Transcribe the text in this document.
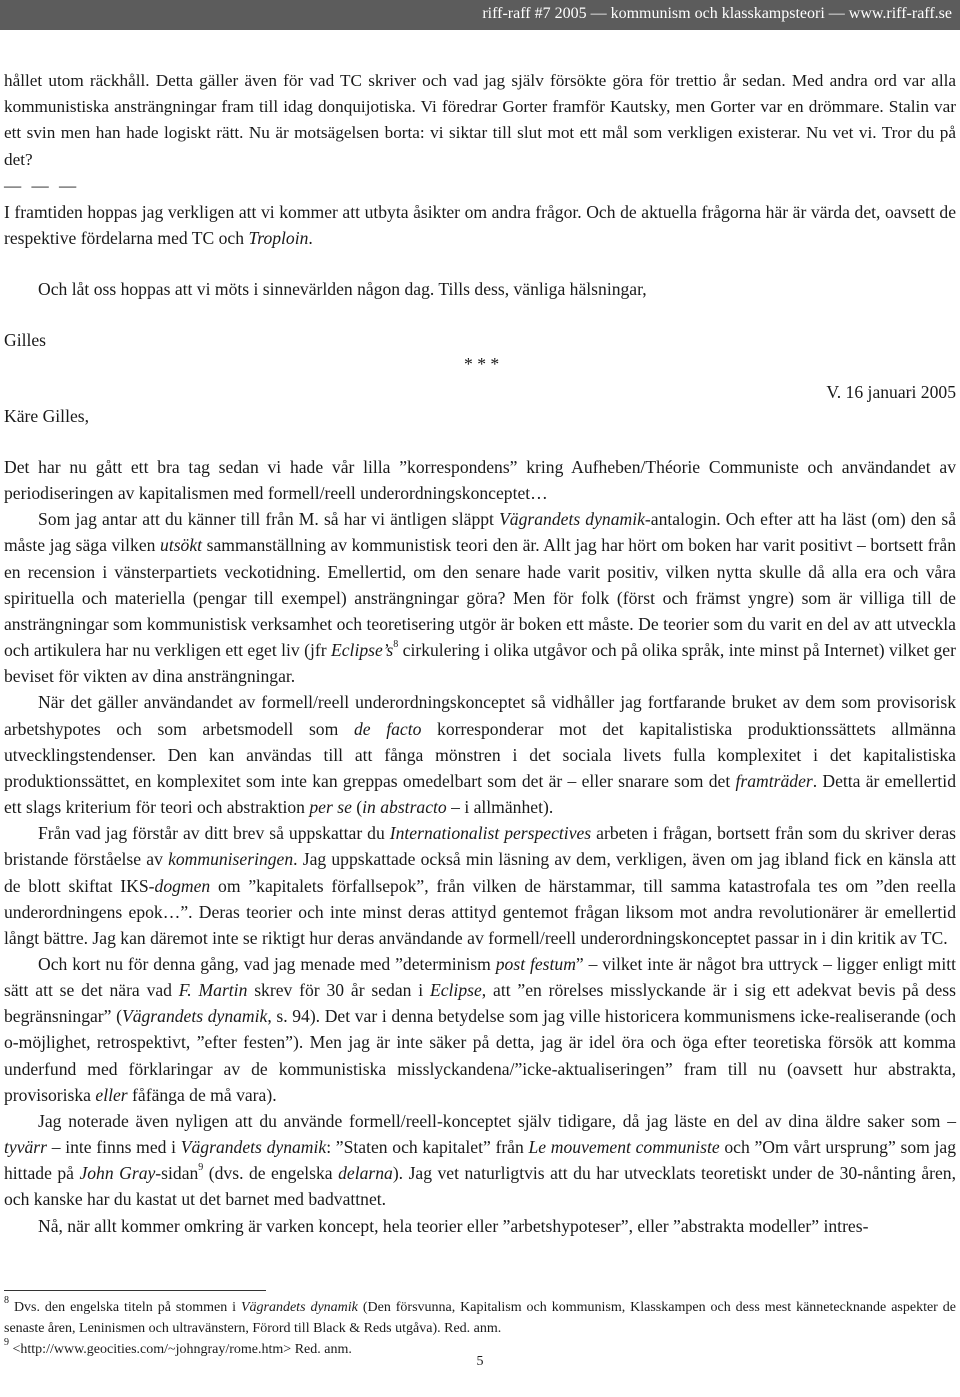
riff-raff #7 2005 — kommunism och klasskampsteori — www.riff-raff.se

hållet utom räckhåll. Detta gäller även för vad TC skriver och vad jag själv försökte göra för trettio år sedan. Med andra ord var alla kommunistiska ansträngningar fram till idag donquijotiska. Vi föredrar Gorter framför Kautsky, men Gorter var en drömmare. Stalin var ett svin men han hade logiskt rätt. Nu är motsägelsen borta: vi siktar till slut mot ett mål som verkligen existerar. Nu vet vi. Tror du på det?

— — —

I framtiden hoppas jag verkligen att vi kommer att utbyta åsikter om andra frågor. Och de aktuella frågorna här är värda det, oavsett de respektive fördelarna med TC och Troploin.

Och låt oss hoppas att vi möts i sinnevärlden någon dag. Tills dess, vänliga hälsningar,
Gilles
* * *
V. 16 januari 2005
Käre Gilles,

Det har nu gått ett bra tag sedan vi hade vår lilla ”korrespondens” kring Aufheben/Théorie Communiste och användandet av periodiseringen av kapitalismen med formell/reell underordningskonceptet…

Som jag antar att du känner till från M. så har vi äntligen släppt Vägrandets dynamik-antalogin. Och efter att ha läst (om) den så måste jag säga vilken utsökt sammanställning av kommunistisk teori den är. Allt jag har hört om boken har varit positivt – bortsett från en recension i vänsterpartiets veckotidning. Emellertid, om den senare hade varit positiv, vilken nytta skulle då alla era och våra spirituella och materiella (pengar till exempel) ansträngningar göra? Men för folk (först och främst yngre) som är villiga till de ansträngningar som kommunistisk verksamhet och teoretisering utgör är boken ett måste. De teorier som du varit en del av att utveckla och artikulera har nu verkligen ett eget liv (jfr $Eclipse’s^8$ cirkulering i olika utgåvor och på olika språk, inte minst på Internet) vilket ger beviset för vikten av dina ansträngningar.

När det gäller användandet av formell/reell underordningskonceptet så vidhåller jag fortfarande bruket av dem som provisorisk arbetshypotes och som arbetsmodell som de facto korresponderar mot det kapitalistiska produktionssättets allmänna utvecklingstendenser. Den kan användas till att fånga mönstren i det sociala livets fulla komplexitet i det kapitalistiska produktionssättet, en komplexitet som inte kan greppas omedelbart som det är – eller snarare som det framträder. Detta är emellertid ett slags kriterium för teori och abstraktion per se (in abstracto – i allmänhet).

Från vad jag förstår av ditt brev så uppskattar du Internationalist perspectives arbeten i frågan, bortsett från som du skriver deras bristande förståelse av kommuniseringen. Jag uppskattade också min läsning av dem, verkligen, även om jag ibland fick en känsla att de blott skiftat IKS-dogmen om ”kapitalets förfallsepok”, från vilken de härstammar, till samma katastrofala tes om ”den reella underordningens epok…”. Deras teorier och inte minst deras attityd gentemot frågan liksom mot andra revolutionärer är emellertid långt bättre. Jag kan däremot inte se riktigt hur deras användande av formell/reell underordningskonceptet passar in i din kritik av TC.

Och kort nu för denna gång, vad jag menade med ”determinism post festum” – vilket inte är något bra uttryck – ligger enligt mitt sätt att se det nära vad F. Martin skrev för 30 år sedan i Eclipse, att ”en rörelses misslyckande är i sig ett adekvat bevis på dess begränsningar” (Vägrandets dynamik, s. 94). Det var i denna betydelse som jag ville historicera kommunismens icke-realiserande (och o-möjlighet, retrospektivt, ”efter festen”). Men jag är inte säker på detta, jag är idel öra och öga efter teoretiska försök att komma underfund med förklaringar av de kommunistiska misslyckandena/”icke-aktualiseringen” fram till nu (oavsett hur abstrakta, provisoriska eller fåfänga de må vara).

Jag noterade även nyligen att du använde formell/reell-konceptet själv tidigare, då jag läste en del av dina äldre saker som – tyvärr – inte finns med i Vägrandets dynamik: ”Staten och kapitalet” från Le mouvement communiste och ”Om vårt ursprung” som jag hittade på John Gray-sidan$^9$ (dvs. de engelska delarna). Jag vet naturligtvis att du har utvecklats teoretiskt under de 30-nånting åren, och kanske har du kastat ut det barnet med badvattnet.

Nå, när allt kommer omkring är varken koncept, hela teorier eller ”arbetshypoteser”, eller ”abstrakta modeller” intres-

$^8$ Dvs. den engelska titeln på stommen i Vägrandets dynamik (Den försvunna, Kapitalism och kommunism, Klasskampen och dess mest kännetecknande aspekter de senaste åren, Leninismen och ultravänstern, Förord till Black & Reds utgåva). Red. anm.

$^9$ <http://www.geocities.com/~johngray/rome.htm> Red. anm.

5
